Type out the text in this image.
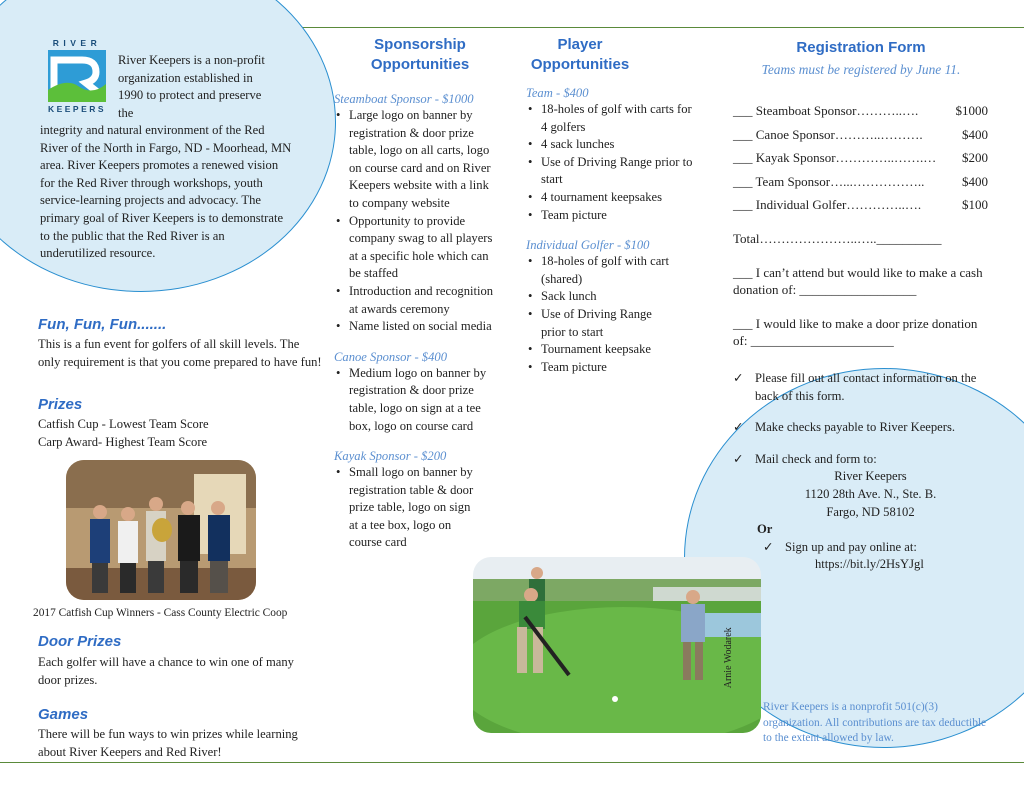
RIVER
KEEPERS
River Keepers is a non-profit organization established in 1990 to protect and preserve the
integrity and natural environment of the Red River of the North in Fargo, ND - Moorhead, MN area. River Keepers promotes a renewed vision for the Red River through workshops, youth service-learning projects and advocacy. The primary goal of River Keepers is to demonstrate to the public that the Red River is an underutilized resource.
Fun, Fun, Fun.......
This is a fun event for golfers of all skill levels. The only requirement is that you come prepared to have fun!
Prizes
Catfish Cup - Lowest Team Score
Carp Award- Highest Team Score
2017 Catfish Cup Winners - Cass County Electric Coop
Door Prizes
Each golfer will have a chance to win one of many door prizes.
Games
There will be fun ways to win prizes while learning about River Keepers and Red River!
Sponsorship
Opportunities
Steamboat Sponsor - $1000
• Large logo on banner by registration & door prize table, logo on all carts, logo on course card and on River Keepers website with a link to company website
• Opportunity to provide company swag to all players at a specific hole which can be staffed
• Introduction and recognition at awards ceremony
• Name listed on social media
Canoe Sponsor - $400
• Medium logo on banner by registration & door prize table, logo on sign at a tee box, logo on course card
Kayak Sponsor - $200
• Small logo on banner by registration table & door prize table, logo on sign at a tee box, logo on course card
Player
Opportunities
Team - $400
• 18-holes of golf with carts for 4 golfers
• 4 sack lunches
• Use of Driving Range prior to start
• 4 tournament keepsakes
• Team picture
Individual Golfer - $100
• 18-holes of golf with cart (shared)
• Sack lunch
• Use of Driving Range prior to start
• Tournament keepsake
• Team picture
Arnie Wodarek
Registration Form
Teams must be registered by June 11.
___ Steamboat Sponsor………..….	$1000
___ Canoe Sponsor………..……….	$400
___ Kayak Sponsor…………..…….… $200
___ Team Sponsor…...……………..	$400
___ Individual Golfer…………..….	$100
Total…………………..…..__________
___ I can’t attend but would like to make a cash donation of: __________________
___ I would like to make a door prize donation of: ______________________
✓ Please fill out all contact information on the back of this form.
✓ Make checks payable to River Keepers.
✓ Mail check and form to:
River Keepers
1120 28th Ave. N., Ste. B.
Fargo, ND 58102
Or
✓ Sign up and pay online at:
https://bit.ly/2HsYJgl
River Keepers is a nonprofit 501(c)(3) organization. All contributions are tax deductible to the extent allowed by law.
